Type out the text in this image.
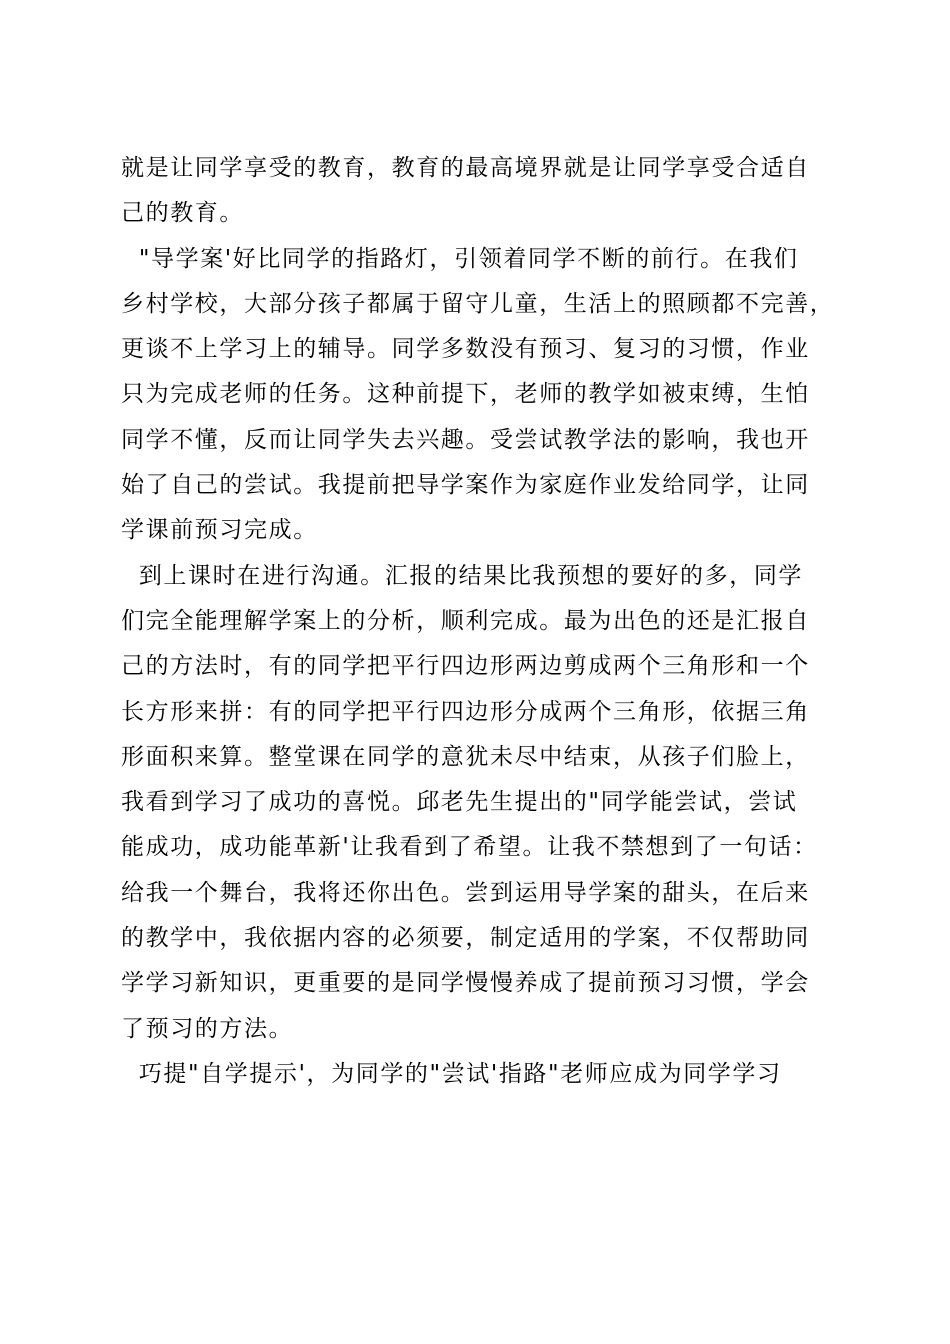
就是让同学享受的教育，教育的最高境界就是让同学享受合适自
己的教育。
"导学案'好比同学的指路灯，引领着同学不断的前行。在我们
乡村学校，大部分孩子都属于留守儿童，生活上的照顾都不完善，
更谈不上学习上的辅导。同学多数没有预习、复习的习惯，作业
只为完成老师的任务。这种前提下，老师的教学如被束缚，生怕
同学不懂，反而让同学失去兴趣。受尝试教学法的影响，我也开
始了自己的尝试。我提前把导学案作为家庭作业发给同学，让同
学课前预习完成。
到上课时在进行沟通。汇报的结果比我预想的要好的多，同学
们完全能理解学案上的分析，顺利完成。最为出色的还是汇报自
己的方法时，有的同学把平行四边形两边剪成两个三角形和一个
长方形来拼：有的同学把平行四边形分成两个三角形，依据三角
形面积来算。整堂课在同学的意犹未尽中结束，从孩子们脸上，
我看到学习了成功的喜悦。邱老先生提出的"同学能尝试，尝试
能成功，成功能革新'让我看到了希望。让我不禁想到了一句话：
给我一个舞台，我将还你出色。尝到运用导学案的甜头，在后来
的教学中，我依据内容的必须要，制定适用的学案，不仅帮助同
学学习新知识，更重要的是同学慢慢养成了提前预习习惯，学会
了预习的方法。
巧提"自学提示'，为同学的"尝试'指路"老师应成为同学学习
